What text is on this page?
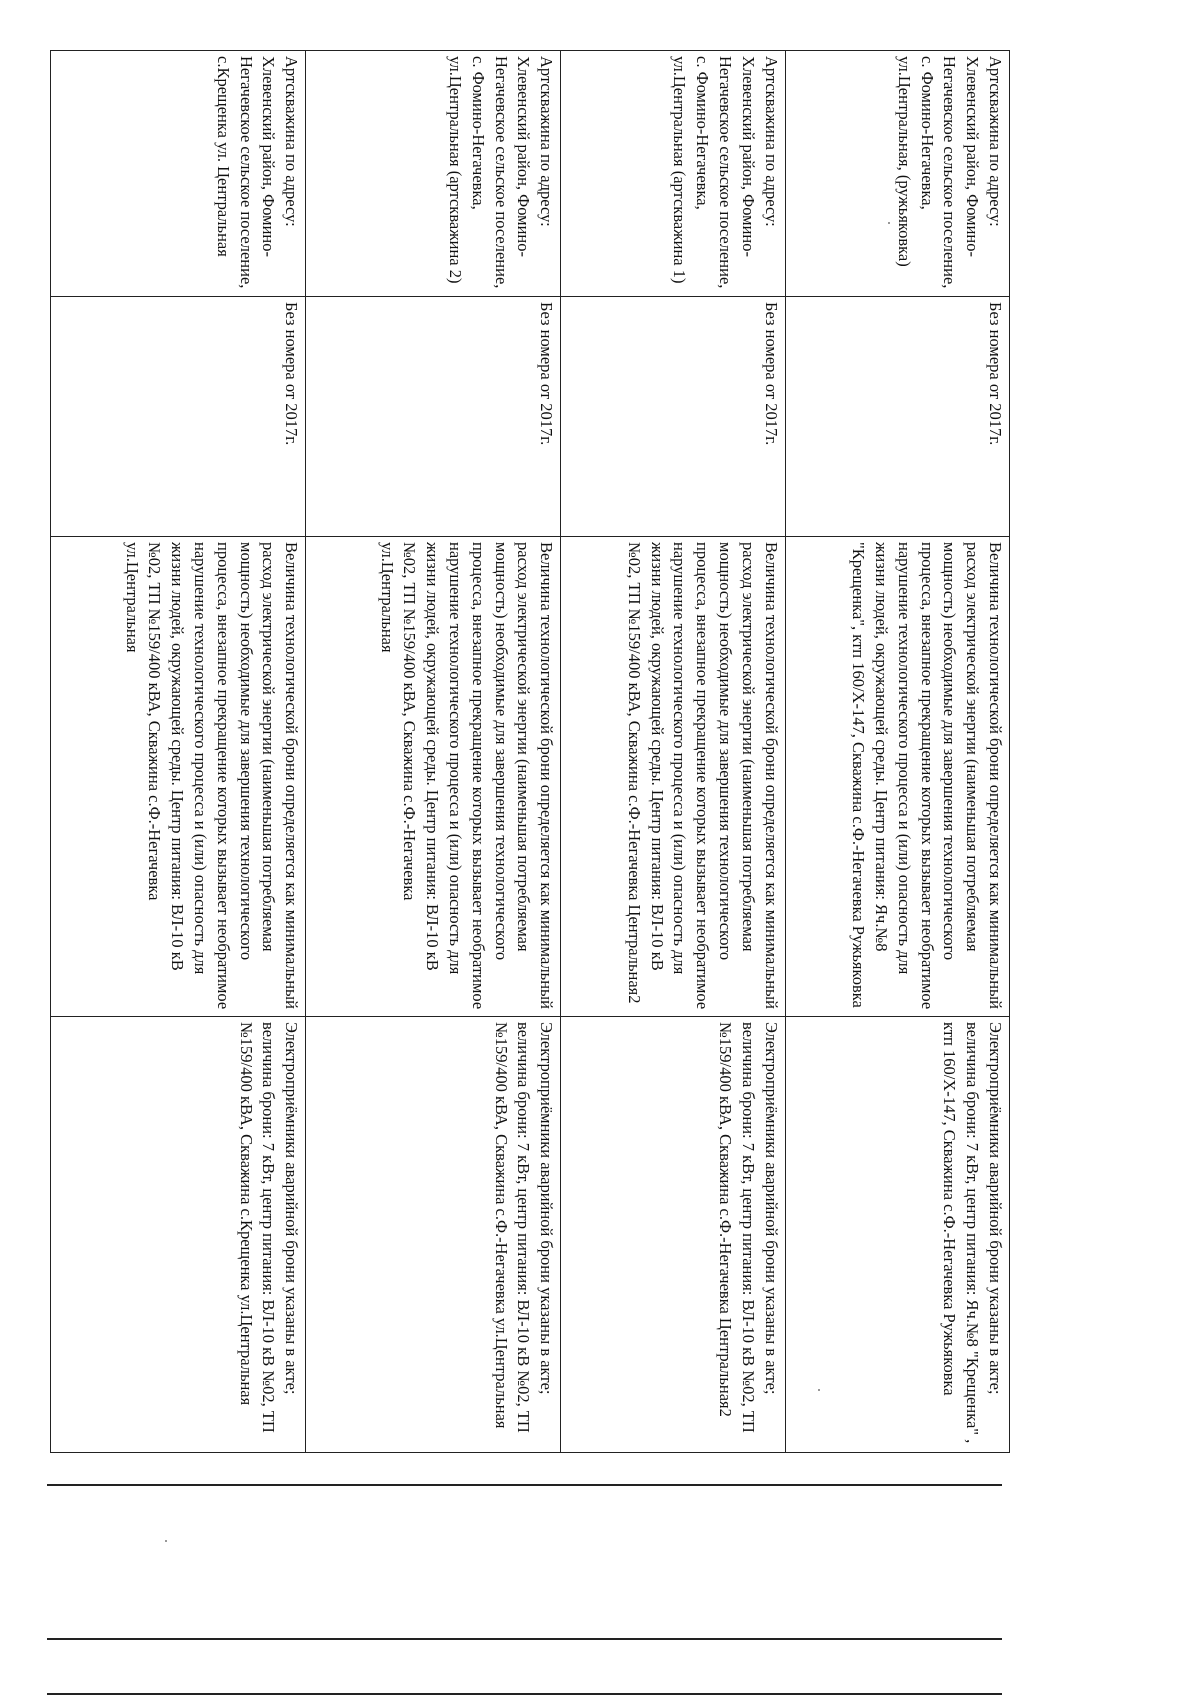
Артскважина по адресу: Хлевенский район, Фомино-Негачевское сельское поселение, с. Фомино-Негачевка, ул.Центральная, (ружьяковка)	Без номера от 2017г.	Величина технологической брони определяется как минимальный расход электрической энергии (наименьшая потребляемая мощность) необходимые для завершения технологического процесса, внезапное прекращение которых вызывает необратимое нарушение технологического процесса и (или) опасность для жизни людей, окружающей среды. Центр питания: Яч.№8 "Крещенка", ктп 160/Х-147, Скважина с.Ф.-Негачевка Ружьяковка	Электроприёмники аварийной брони указаны в акте; величина брони: 7 кВт, центр питания: Яч.№8 "Крещенка" , ктп 160/Х-147, Скважина с.Ф.-Негачевка Ружьяковка
Артскважина по адресу: Хлевенский район, Фомино-Негачевское сельское поселение, с. Фомино-Негачевка, ул.Центральная (артскважина 1)	Без номера от 2017г.	Величина технологической брони определяется как минимальный расход электрической энергии (наименьшая потребляемая мощность) необходимые для завершения технологического процесса, внезапное прекращение которых вызывает необратимое нарушение технологического процесса и (или) опасность для жизни людей, окружающей среды. Центр питания: ВЛ-10 кВ №02, ТП №159/400 кВА, Скважина с.Ф.-Негачевка Центральная2	Электроприёмники аварийной брони указаны в акте; величина брони: 7 кВт, центр питания: ВЛ-10 кВ №02, ТП №159/400 кВА, Скважина с.Ф.-Негачевка Центральная2
Артскважина по адресу: Хлевенский район, Фомино-Негачевское сельское поселение, с. Фомино-Негачевка, ул.Центральная (артскважина 2)	Без номера от 2017г.	Величина технологической брони определяется как минимальный расход электрической энергии (наименьшая потребляемая мощность) необходимые для завершения технологического процесса, внезапное прекращение которых вызывает необратимое нарушение технологического процесса и (или) опасность для жизни людей, окружающей среды. Центр питания: ВЛ-10 кВ №02, ТП №159/400 кВА, Скважина с.Ф.-Негачевка ул.Центральная	Электроприёмники аварийной брони указаны в акте; величина брони: 7 кВт, центр питания: ВЛ-10 кВ №02, ТП №159/400 кВА, Скважина с.Ф.-Негачевка ул.Центральная
Артскважина по адресу: Хлевенский район, Фомино-Негачевское сельское поселение, с.Крещенка ул. Центральная	Без номера от 2017г.	Величина технологической брони определяется как минимальный расход электрической энергии (наименьшая потребляемая мощность) необходимые для завершения технологического процесса, внезапное прекращение которых вызывает необратимое нарушение технологического процесса и (или) опасность для жизни людей, окружающей среды. Центр питания: ВЛ-10 кВ №02, ТП №159/400 кВА, Скважина с.Ф.-Негачевка ул.Центральная	Электроприёмники аварийной брони указаны в акте; величина брони: 7 кВт, центр питания: ВЛ-10 кВ №02, ТП №159/400 кВА, Скважина с.Крещенка ул.Центральная
